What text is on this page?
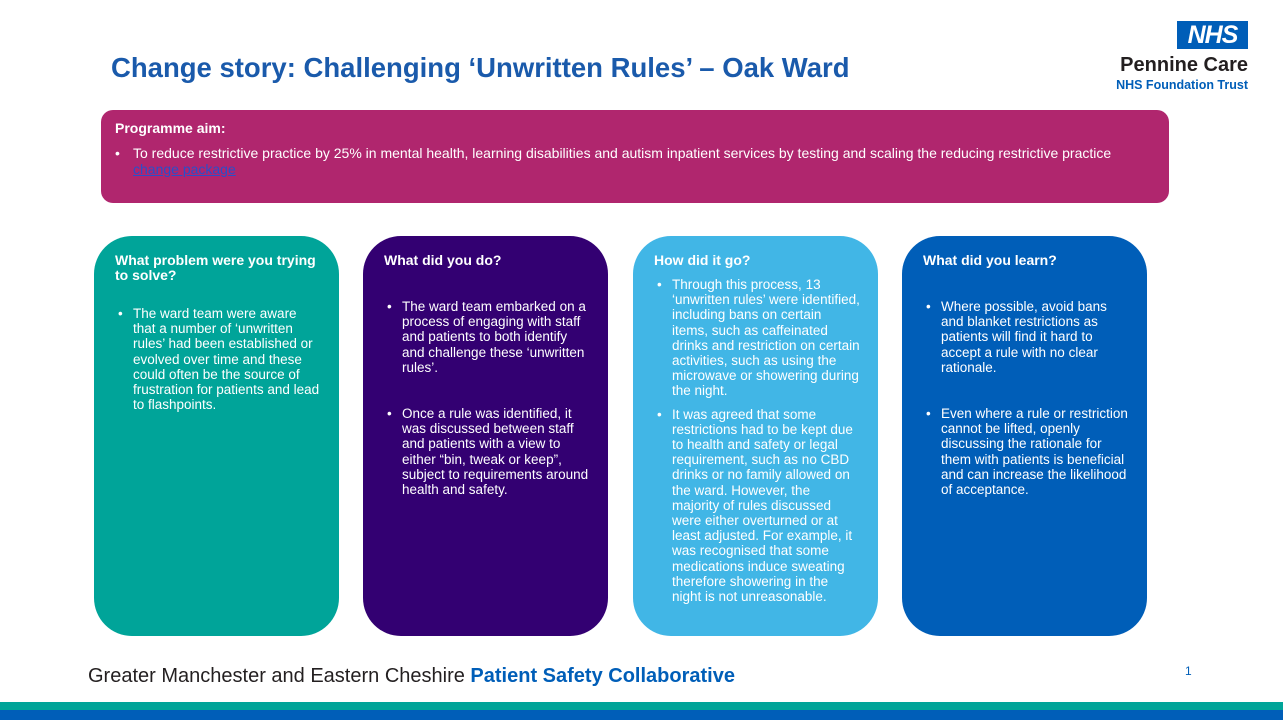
Change story: Challenging ‘Unwritten Rules’ – Oak Ward
NHS
Pennine Care
NHS Foundation Trust
Programme aim:
• To reduce restrictive practice by 25% in mental health, learning disabilities and autism inpatient services by testing and scaling the reducing restrictive practice change package
What problem were you trying to solve?
• The ward team were aware that a number of ‘unwritten rules’ had been established or evolved over time and these could often be the source of frustration for patients and lead to flashpoints.
What did you do?
• The ward team embarked on a process of engaging with staff and patients to both identify and challenge these ‘unwritten rules’.
• Once a rule was identified, it was discussed between staff and patients with a view to either “bin, tweak or keep”, subject to requirements around health and safety.
How did it go?
• Through this process, 13 ‘unwritten rules’ were identified, including bans on certain items, such as caffeinated drinks and restriction on certain activities, such as using the microwave or showering during the night.
• It was agreed that some restrictions had to be kept due to health and safety or legal requirement, such as no CBD drinks or no family allowed on the ward. However, the majority of rules discussed were either overturned or at least adjusted. For example, it was recognised that some medications induce sweating therefore showering in the night is not unreasonable.
What did you learn?
• Where possible, avoid bans and blanket restrictions as patients will find it hard to accept a rule with no clear rationale.
• Even where a rule or restriction cannot be lifted, openly discussing the rationale for them with patients is beneficial and can increase the likelihood of acceptance.
Greater Manchester and Eastern Cheshire Patient Safety Collaborative	1
